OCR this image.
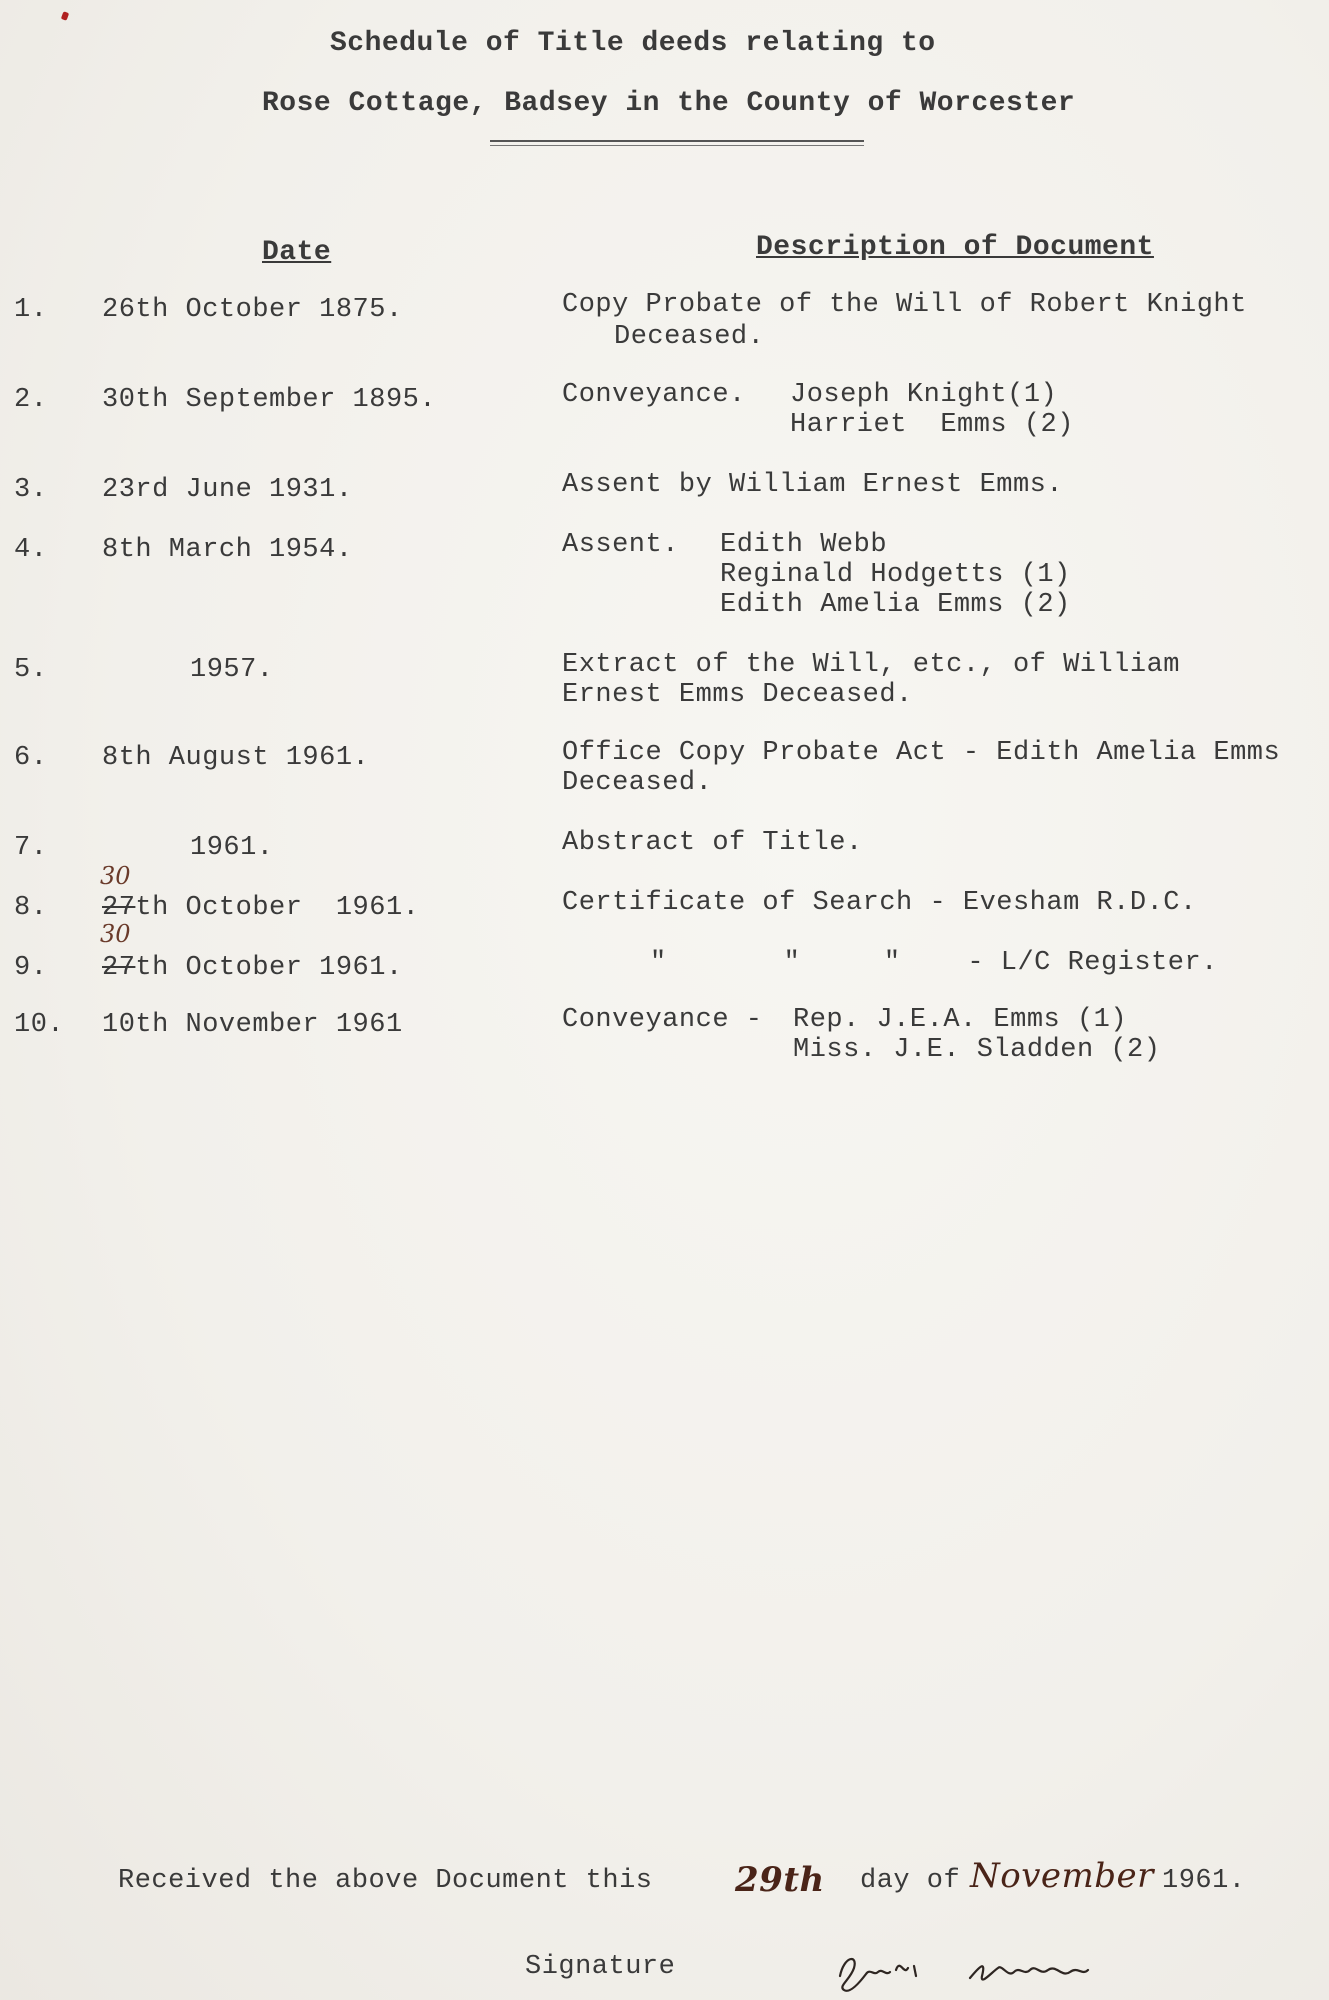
Schedule of Title deeds relating to
Rose Cottage, Badsey in the County of Worcester
Date	Description of Document
1. 26th October 1875.	Copy Probate of the Will of Robert Knight
Deceased.
2. 30th September 1895.	Conveyance. Joseph Knight(1)
Harriet  Emms (2)
3. 23rd June 1931.	Assent by William Ernest Emms.
4. 8th March 1954.	Assent. Edith Webb
Reginald Hodgetts (1)
Edith Amelia Emms (2)
5.	1957.	Extract of the Will, etc., of William
Ernest Emms Deceased.
6. 8th August 1961.	Office Copy Probate Act - Edith Amelia Emms
Deceased.
7.	1961.	Abstract of Title.
30
8. 27th October  1961.	Certificate of Search - Evesham R.D.C.
30
9. 27th October 1961.	"       "     "    - L/C Register.
10. 10th November 1961	Conveyance - Rep. J.E.A. Emms (1)
Miss. J.E. Sladden (2)
Received the above Document this 29th day of November 1961.
Signature
